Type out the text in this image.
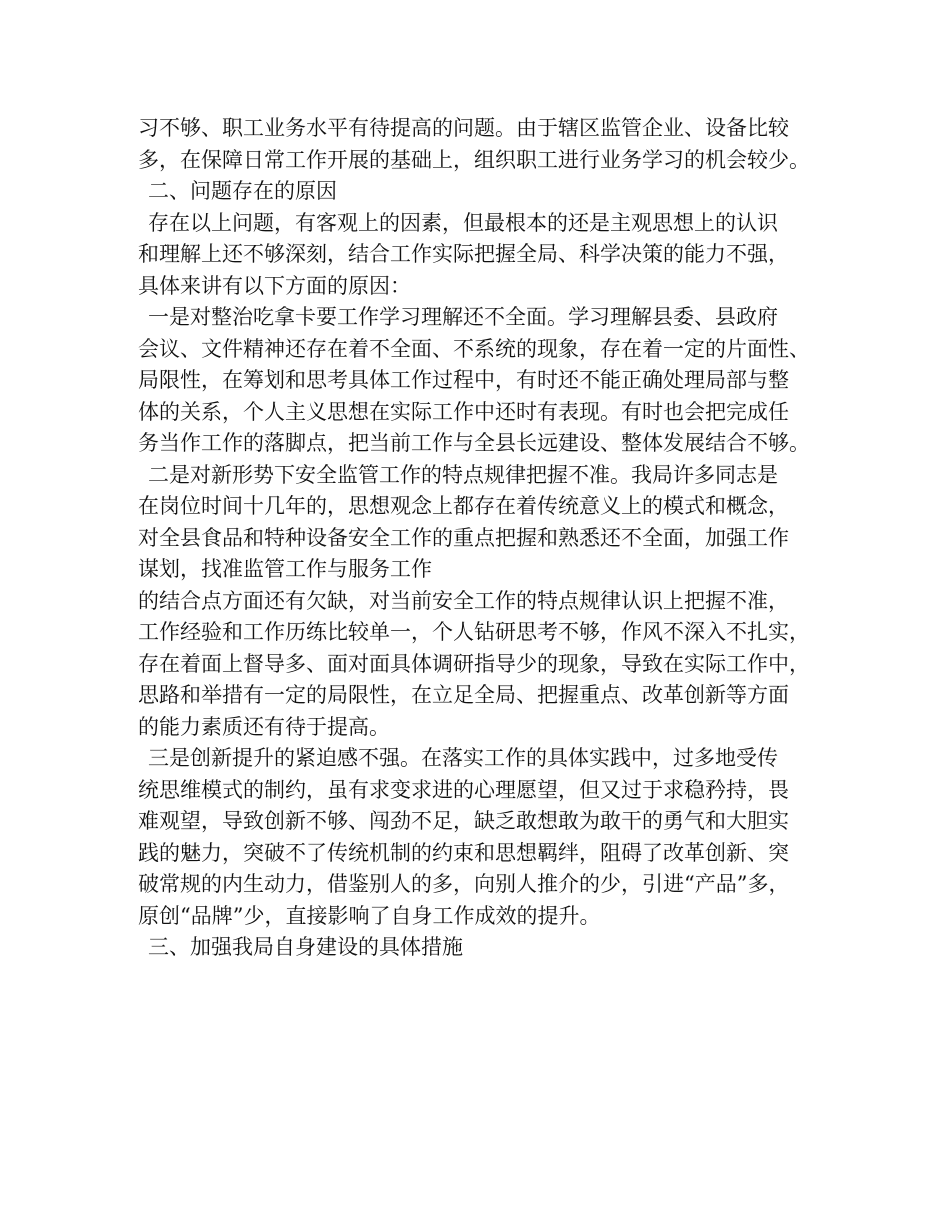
习不够、职工业务水平有待提高的问题。由于辖区监管企业、设备比较
多，在保障日常工作开展的基础上，组织职工进行业务学习的机会较少。
二、问题存在的原因
存在以上问题，有客观上的因素，但最根本的还是主观思想上的认识
和理解上还不够深刻，结合工作实际把握全局、科学决策的能力不强，
具体来讲有以下方面的原因：
一是对整治吃拿卡要工作学习理解还不全面。学习理解县委、县政府
会议、文件精神还存在着不全面、不系统的现象，存在着一定的片面性、
局限性，在筹划和思考具体工作过程中，有时还不能正确处理局部与整
体的关系，个人主义思想在实际工作中还时有表现。有时也会把完成任
务当作工作的落脚点，把当前工作与全县长远建设、整体发展结合不够。
二是对新形势下安全监管工作的特点规律把握不准。我局许多同志是
在岗位时间十几年的，思想观念上都存在着传统意义上的模式和概念，
对全县食品和特种设备安全工作的重点把握和熟悉还不全面，加强工作
谋划，找准监管工作与服务工作
的结合点方面还有欠缺，对当前安全工作的特点规律认识上把握不准，
工作经验和工作历练比较单一，个人钻研思考不够，作风不深入不扎实，
存在着面上督导多、面对面具体调研指导少的现象，导致在实际工作中，
思路和举措有一定的局限性，在立足全局、把握重点、改革创新等方面
的能力素质还有待于提高。
三是创新提升的紧迫感不强。在落实工作的具体实践中，过多地受传
统思维模式的制约，虽有求变求进的心理愿望，但又过于求稳矜持，畏
难观望，导致创新不够、闯劲不足，缺乏敢想敢为敢干的勇气和大胆实
践的魅力，突破不了传统机制的约束和思想羁绊，阻碍了改革创新、突
破常规的内生动力，借鉴别人的多，向别人推介的少，引进“产品”多，
原创“品牌”少，直接影响了自身工作成效的提升。
三、加强我局自身建设的具体措施
